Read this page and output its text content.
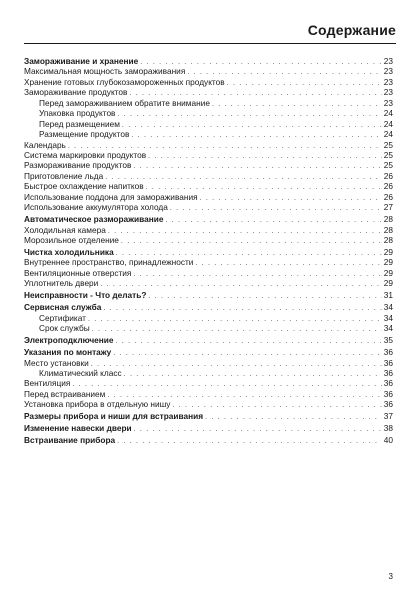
Содержание
Замораживание и хранение . . .	23
Максимальная мощность замораживания . . .	23
Хранение готовых глубокозамороженных продуктов . . .	23
Замораживание продуктов . . .	23
Перед замораживанием обратите внимание . . .	23
Упаковка продуктов . . .	24
Перед размещением . . .	24
Размещение продуктов . . .	24
Календарь . . .	25
Система маркировки продуктов . . .	25
Размораживание продуктов . . .	25
Приготовление льда . . .	26
Быстрое охлаждение напитков . . .	26
Использование поддона для замораживания . . .	26
Использование аккумулятора холода . . .	27
Автоматическое размораживание . . .	28
Холодильная камера . . .	28
Морозильное отделение . . .	28
Чистка холодильника . . .	29
Внутреннее пространство, принадлежности . . .	29
Вентиляционные отверстия . . .	29
Уплотнитель двери . . .	29
Неисправности - Что делать? . . .	31
Сервисная служба . . .	34
Сертификат . . .	34
Срок службы . . .	34
Электроподключение . . .	35
Указания по монтажу . . .	36
Место установки . . .	36
Климатический класс . . .	36
Вентиляция . . .	36
Перед встраиванием . . .	36
Установка прибора в отдельную нишу . . .	36
Размеры прибора и ниши для встраивания . . .	37
Изменение навески двери . . .	38
Встраивание прибора . . .	40
3
